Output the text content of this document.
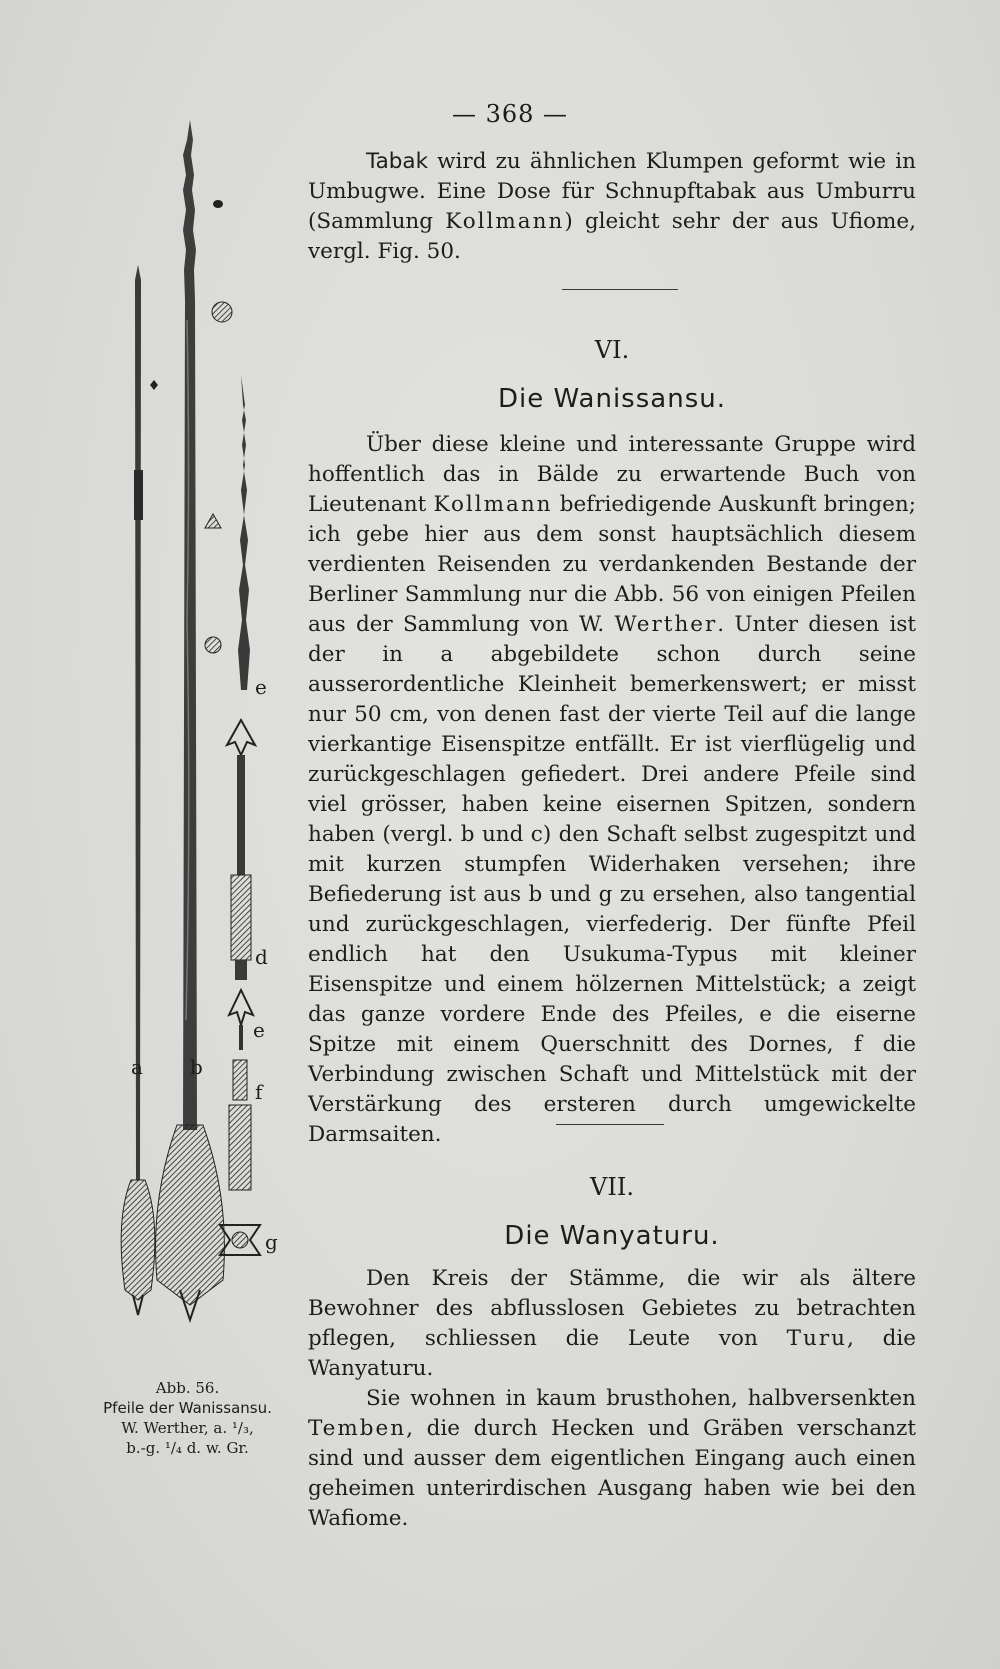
— 368 —

Tabak wird zu ähnlichen Klumpen geformt wie in Umbugwe. Eine Dose für Schnupftabak aus Umburru (Sammlung Kollmann) gleicht sehr der aus Ufiome, vergl. Fig. 50.

VI.
Die Wanissansu.

Über diese kleine und interessante Gruppe wird hoffentlich das in Bälde zu erwartende Buch von Lieutenant Kollmann befriedigende Auskunft bringen; ich gebe hier aus dem sonst hauptsächlich diesem verdienten Reisenden zu verdankenden Bestande der Berliner Sammlung nur die Abb. 56 von einigen Pfeilen aus der Sammlung von W. Werther. Unter diesen ist der in a abgebildete schon durch seine ausserordentliche Kleinheit bemerkenswert; er misst nur 50 cm, von denen fast der vierte Teil auf die lange vierkantige Eisenspitze entfällt. Er ist vierflügelig und zurückgeschlagen gefiedert. Drei andere Pfeile sind viel grösser, haben keine eisernen Spitzen, sondern haben (vergl. b und c) den Schaft selbst zugespitzt und mit kurzen stumpfen Widerhaken versehen; ihre Befiederung ist aus b und g zu ersehen, also tangential und zurückgeschlagen, vierfederig. Der fünfte Pfeil endlich hat den Usukuma-Typus mit kleiner Eisenspitze und einem hölzernen Mittelstück; a zeigt das ganze vordere Ende des Pfeiles, e die eiserne Spitze mit einem Querschnitt des Dornes, f die Verbindung zwischen Schaft und Mittelstück mit der Verstärkung des ersteren durch umgewickelte Darmsaiten.

VII.
Die Wanyaturu.

Den Kreis der Stämme, die wir als ältere Bewohner des abflusslosen Gebietes zu betrachten pflegen, schliessen die Leute von Turu, die Wanyaturu.

Sie wohnen in kaum brusthohen, halbversenkten Temben, die durch Hecken und Gräben verschanzt sind und ausser dem eigentlichen Eingang auch einen geheimen unterirdischen Ausgang haben wie bei den Wafiome.

a b
e
d
e
f
g
Abb. 56.
Pfeile der Wanissansu.
W. Werther, a. ¹/₃,
b.-g. ¹/₄ d. w. Gr.
